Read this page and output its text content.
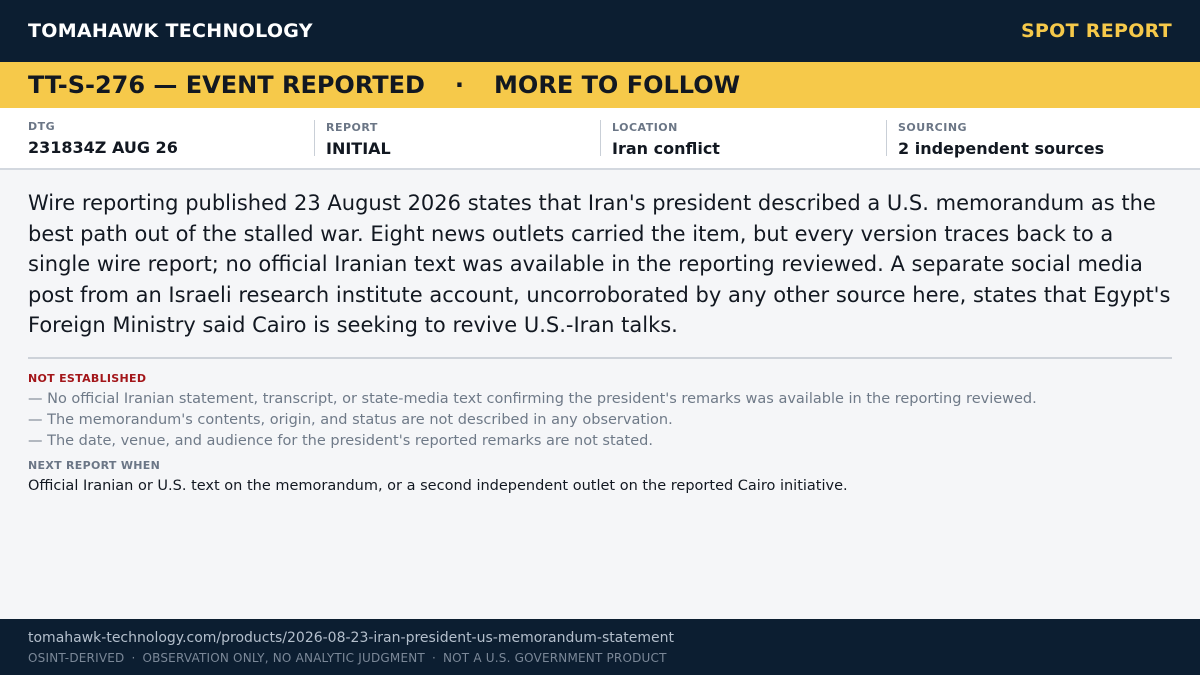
TOMAHAWK TECHNOLOGY	SPOT REPORT
TT-S-276 — EVENT REPORTED · MORE TO FOLLOW
DTG
231834Z AUG 26
REPORT
INITIAL
LOCATION
Iran conflict
SOURCING
2 independent sources

Wire reporting published 23 August 2026 states that Iran's president described a U.S. memorandum as the best path out of the stalled war. Eight news outlets carried the item, but every version traces back to a single wire report; no official Iranian text was available in the reporting reviewed. A separate social media post from an Israeli research institute account, uncorroborated by any other source here, states that Egypt's Foreign Ministry said Cairo is seeking to revive U.S.-Iran talks.

NOT ESTABLISHED
— No official Iranian statement, transcript, or state-media text confirming the president's remarks was available in the reporting reviewed.
— The memorandum's contents, origin, and status are not described in any observation.
— The date, venue, and audience for the president's reported remarks are not stated.
NEXT REPORT WHEN
Official Iranian or U.S. text on the memorandum, or a second independent outlet on the reported Cairo initiative.
tomahawk-technology.com/products/2026-08-23-iran-president-us-memorandum-statement
OSINT-DERIVED · OBSERVATION ONLY, NO ANALYTIC JUDGMENT · NOT A U.S. GOVERNMENT PRODUCT
